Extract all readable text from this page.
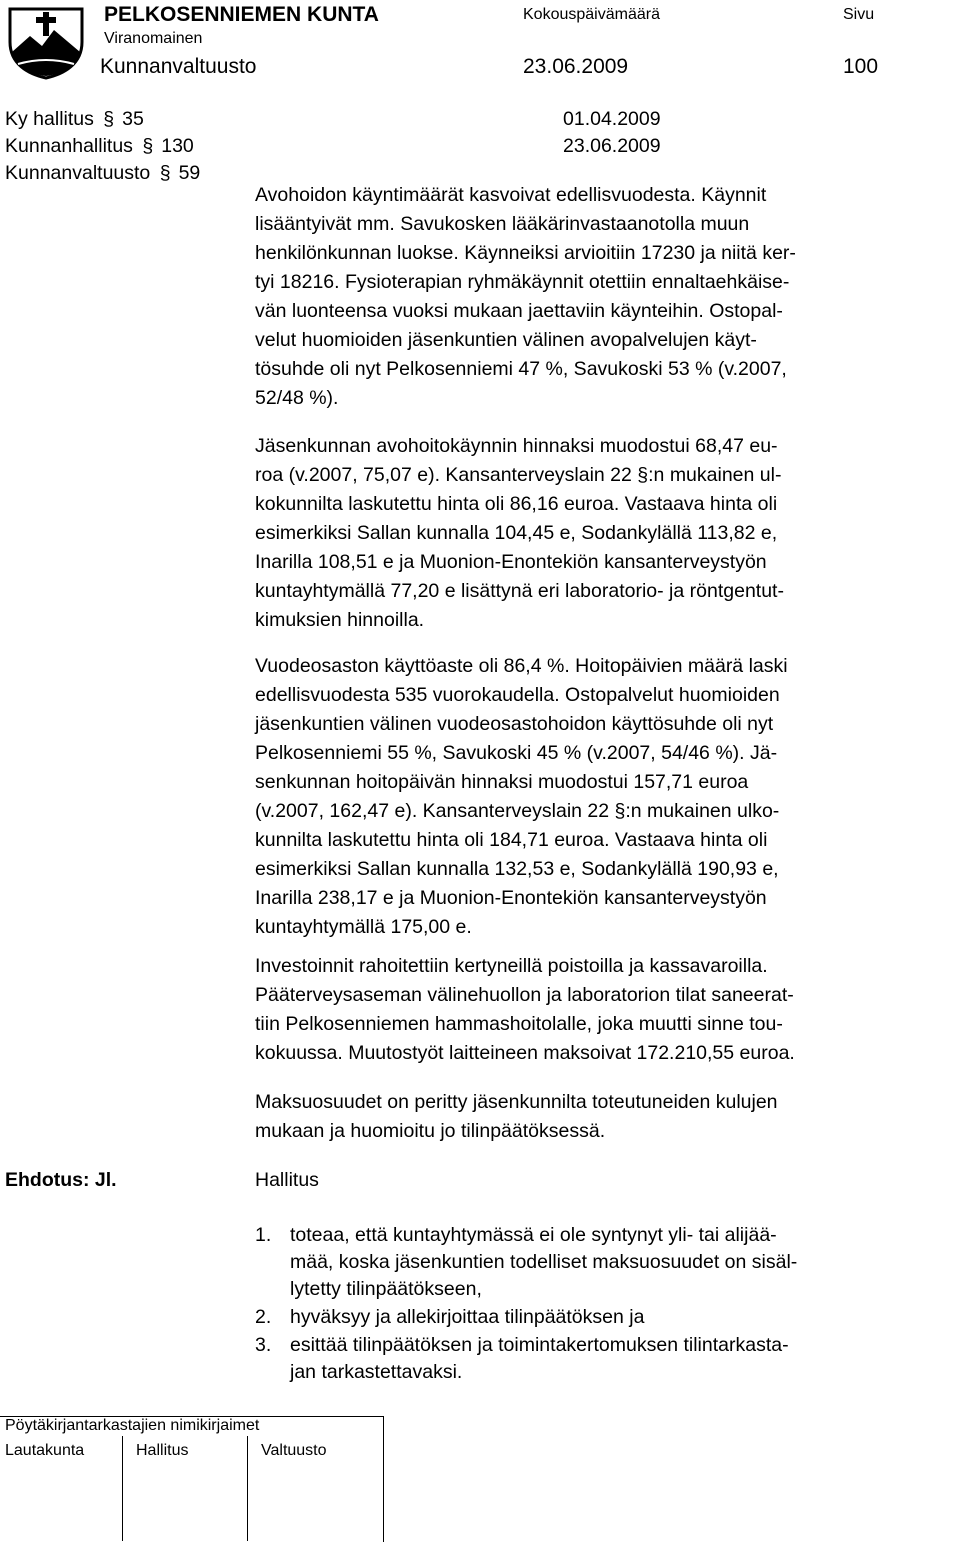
PELKOSENNIEMEN KUNTA	Kokouspäivämäärä	Sivu
Viranomainen
Kunnanvaltuusto	23.06.2009	100
Ky hallitus § 35	01.04.2009
Kunnanhallitus § 130	23.06.2009
Kunnanvaltuusto § 59
Avohoidon käyntimäärät kasvoivat edellisvuodesta. Käynnit
lisääntyivät mm. Savukosken lääkärinvastaanotolla muun
henkilönkunnan luokse. Käynneiksi arvioitiin 17230 ja niitä ker-
tyi 18216. Fysioterapian ryhmäkäynnit otettiin ennaltaehkäise-
vän luonteensa vuoksi mukaan jaettaviin käynteihin. Ostopal-
velut huomioiden jäsenkuntien välinen avopalvelujen käyt-
tösuhde oli nyt Pelkosenniemi 47 %, Savukoski 53 % (v.2007,
52/48 %).
Jäsenkunnan avohoitokäynnin hinnaksi muodostui 68,47 eu-
roa (v.2007, 75,07 e). Kansanterveyslain 22 §:n mukainen ul-
kokunnilta laskutettu hinta oli 86,16 euroa. Vastaava hinta oli
esimerkiksi Sallan kunnalla 104,45 e, Sodankylällä 113,82 e,
Inarilla 108,51 e ja Muonion-Enontekiön kansanterveystyön
kuntayhtymällä 77,20 e lisättynä eri laboratorio- ja röntgentut-
kimuksien hinnoilla.
Vuodeosaston käyttöaste oli 86,4 %. Hoitopäivien määrä laski
edellisvuodesta 535 vuorokaudella. Ostopalvelut huomioiden
jäsenkuntien välinen vuodeosastohoidon käyttösuhde oli nyt
Pelkosenniemi 55 %, Savukoski 45 % (v.2007, 54/46 %). Jä-
senkunnan hoitopäivän hinnaksi muodostui 157,71 euroa
(v.2007, 162,47 e). Kansanterveyslain 22 §:n mukainen ulko-
kunnilta laskutettu hinta oli 184,71 euroa. Vastaava hinta oli
esimerkiksi Sallan kunnalla 132,53 e, Sodankylällä 190,93 e,
Inarilla 238,17 e ja Muonion-Enontekiön kansanterveystyön
kuntayhtymällä 175,00 e.
Investoinnit rahoitettiin kertyneillä poistoilla ja kassavaroilla.
Pääterveysaseman välinehuollon ja laboratorion tilat saneerat-
tiin Pelkosenniemen hammashoitolalle, joka muutti sinne tou-
kokuussa. Muutostyöt laitteineen maksoivat 172.210,55 euroa.
Maksuosuudet on peritty jäsenkunnilta toteutuneiden kulujen
mukaan ja huomioitu jo tilinpäätöksessä.
Ehdotus: Jl.	Hallitus
1. toteaa, että kuntayhtymässä ei ole syntynyt yli- tai alijää-
mää, koska jäsenkuntien todelliset maksuosuudet on sisäl-
lytetty tilinpäätökseen,
2. hyväksyy ja allekirjoittaa tilinpäätöksen ja
3. esittää tilinpäätöksen ja toimintakertomuksen tilintarkasta-
jan tarkastettavaksi.
Pöytäkirjantarkastajien nimikirjaimet
Lautakunta	Hallitus	Valtuusto
